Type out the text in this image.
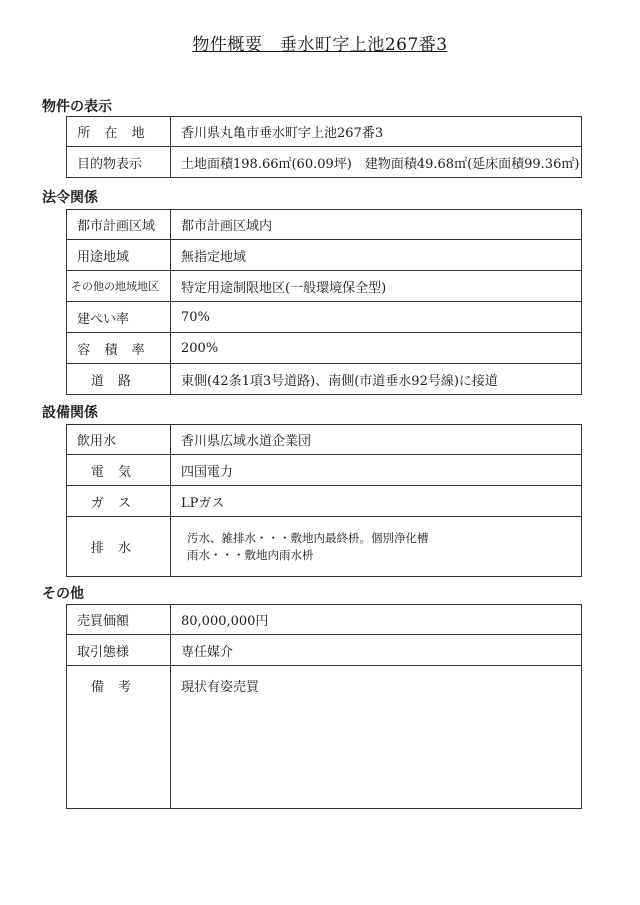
物件概要　垂水町字上池267番3
物件の表示
所 在 地	香川県丸亀市垂水町字上池267番3
目的物表示	土地面積198.66㎡(60.09坪)　建物面積49.68㎡(延床面積99.36㎡)
法令関係
都市計画区域	都市計画区域内
用途地域	無指定地域
その他の地域地区	特定用途制限地区(一般環境保全型)
建ぺい率	70%
容 積 率	200%
道 路	東側(42条1項3号道路)、南側(市道垂水92号線)に接道
設備関係
飲用水	香川県広域水道企業団
電 気	四国電力
ガ ス	LPガス
排 水	汚水、雑排水・・・敷地内最終枡。個別浄化槽
雨水・・・敷地内雨水枡
その他
売買価額	80,000,000円
取引態様	専任媒介
備 考	現状有姿売買
